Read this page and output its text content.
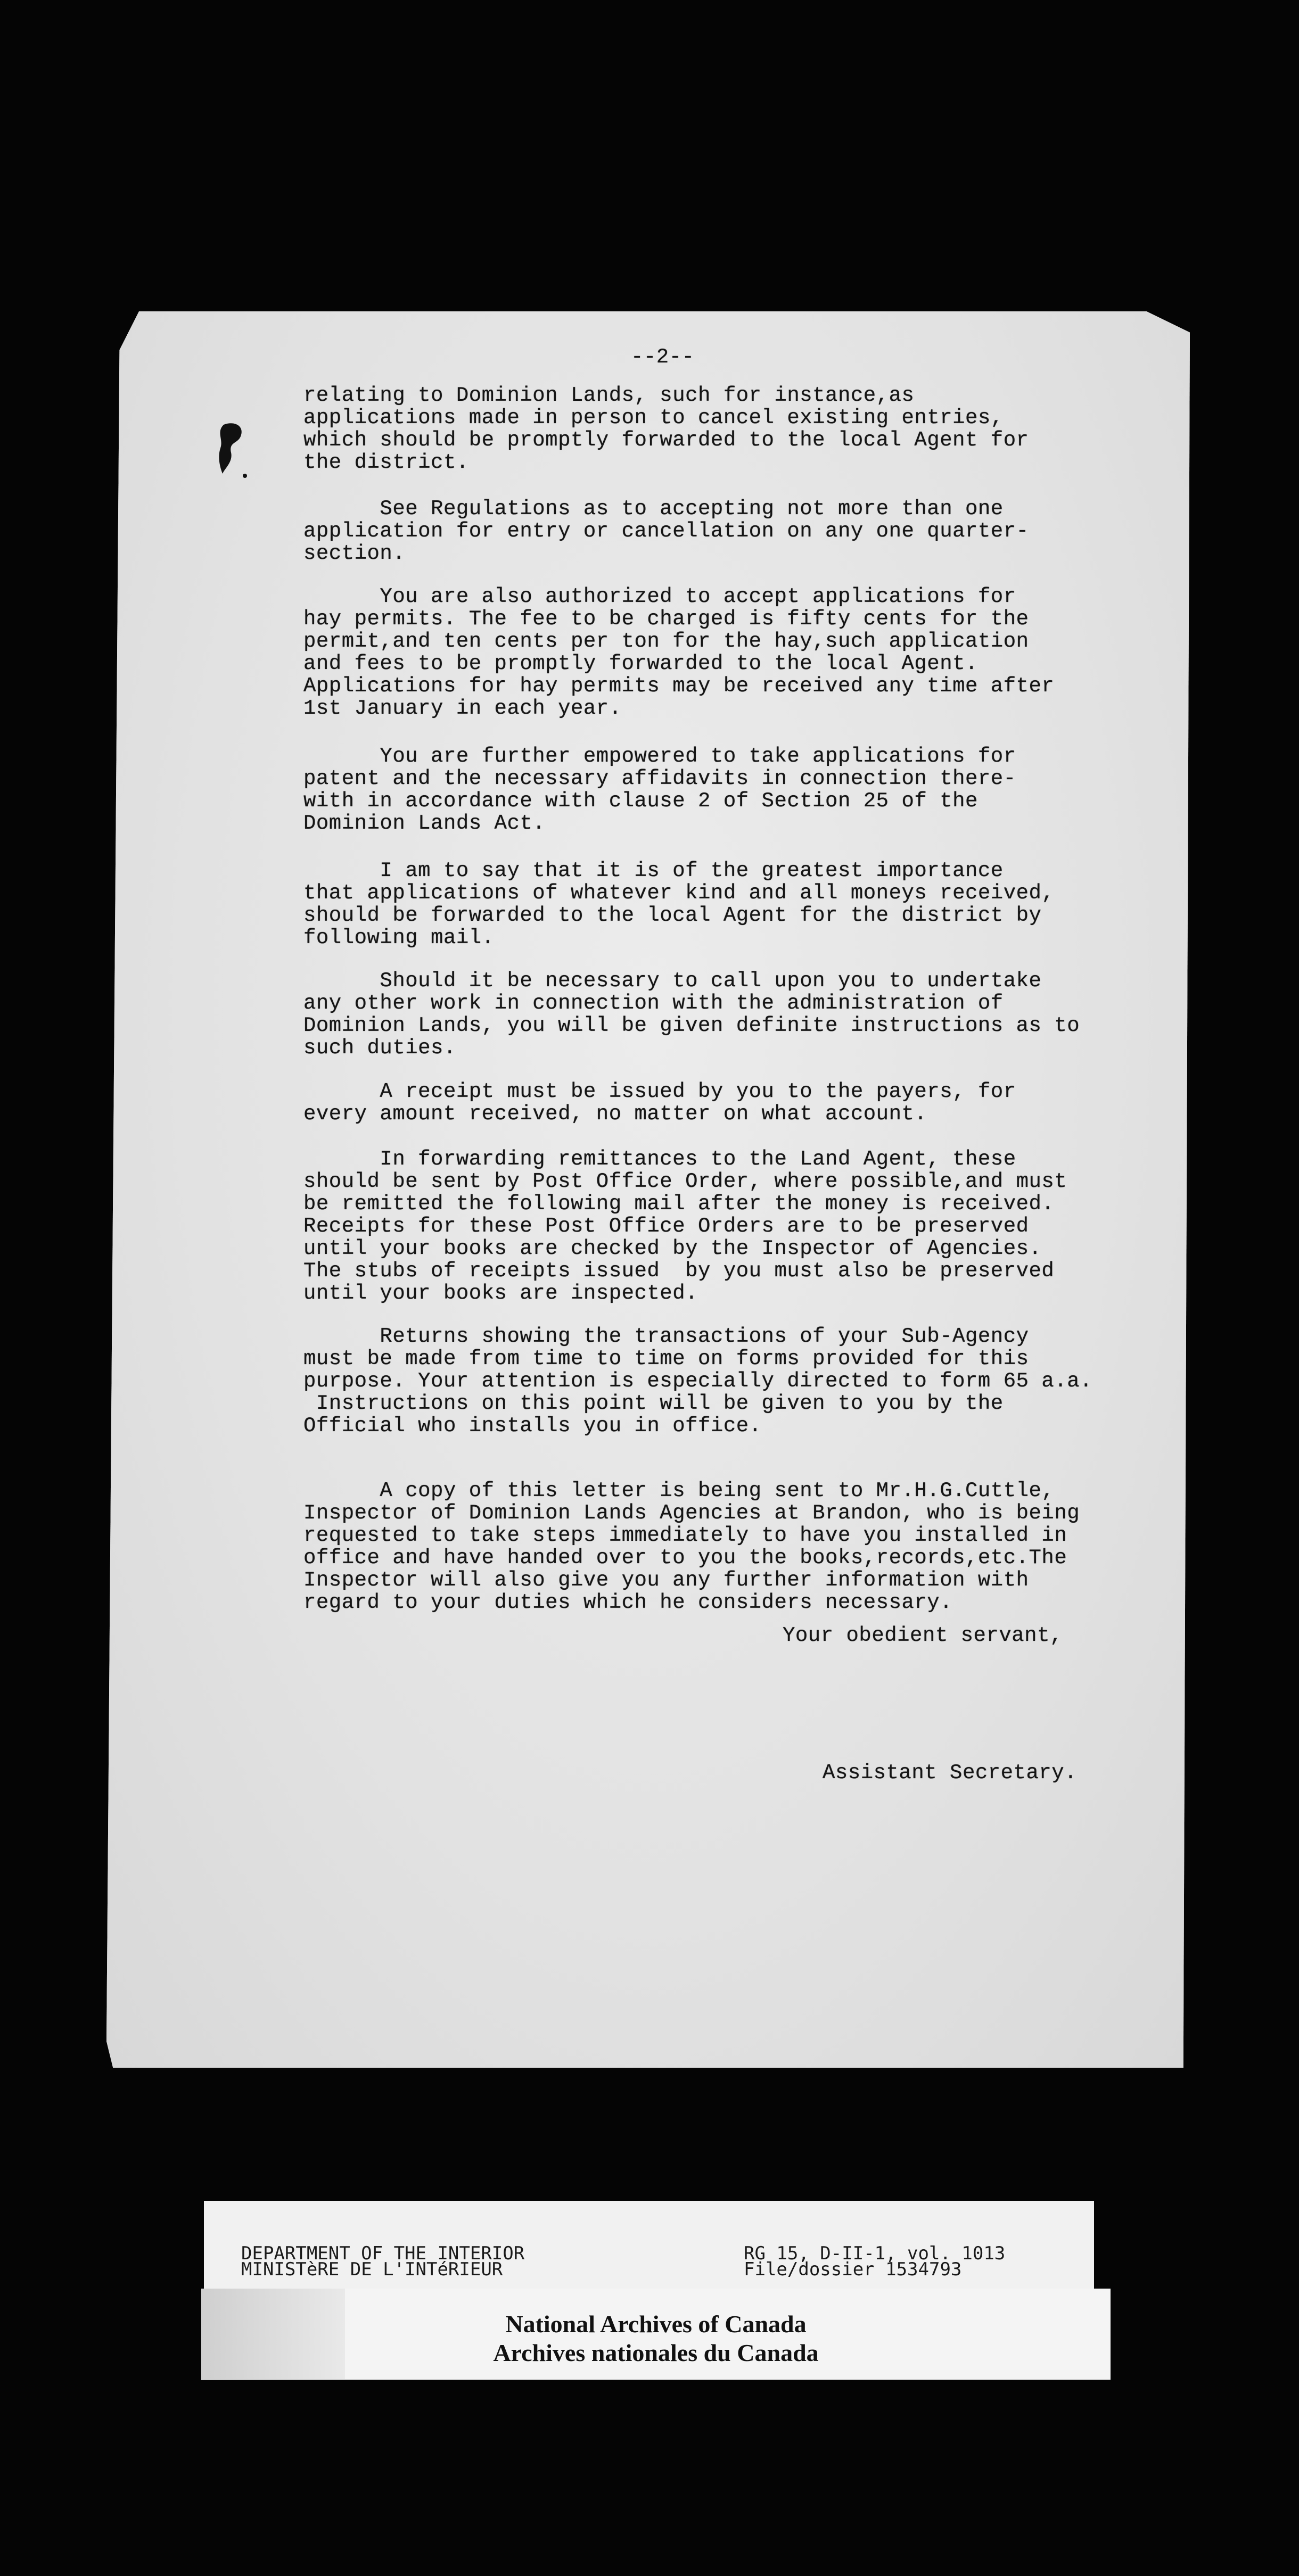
--2--

relating to Dominion Lands, such for instance,as
applications made in person to cancel existing entries,
which should be promptly forwarded to the local Agent for
the district.

See Regulations as to accepting not more than one
application for entry or cancellation on any one quarter-
section.

You are also authorized to accept applications for
hay permits. The fee to be charged is fifty cents for the
permit,and ten cents per ton for the hay,such application
and fees to be promptly forwarded to the local Agent.
Applications for hay permits may be received any time after
1st January in each year.

You are further empowered to take applications for
patent and the necessary affidavits in connection there-
with in accordance with clause 2 of Section 25 of the
Dominion Lands Act.

I am to say that it is of the greatest importance
that applications of whatever kind and all moneys received,
should be forwarded to the local Agent for the district by
following mail.

Should it be necessary to call upon you to undertake
any other work in connection with the administration of
Dominion Lands, you will be given definite instructions as to
such duties.

A receipt must be issued by you to the payers, for
every amount received, no matter on what account.

In forwarding remittances to the Land Agent, these
should be sent by Post Office Order, where possible,and must
be remitted the following mail after the money is received.
Receipts for these Post Office Orders are to be preserved
until your books are checked by the Inspector of Agencies.
The stubs of receipts issued  by you must also be preserved
until your books are inspected.

Returns showing the transactions of your Sub-Agency
must be made from time to time on forms provided for this
purpose. Your attention is especially directed to form 65 a.a.
Instructions on this point will be given to you by the
Official who installs you in office.

A copy of this letter is being sent to Mr.H.G.Cuttle,
Inspector of Dominion Lands Agencies at Brandon, who is being
requested to take steps immediately to have you installed in
office and have handed over to you the books,records,etc.The
Inspector will also give you any further information with
regard to your duties which he considers necessary.

Your obedient servant,

Assistant Secretary.

DEPARTMENT OF THE INTERIOR

MINISTèRE DE L'INTéRIEUR

RG 15, D-II-1, vol. 1013

File/dossier 1534793

National Archives of Canada

Archives nationales du Canada
